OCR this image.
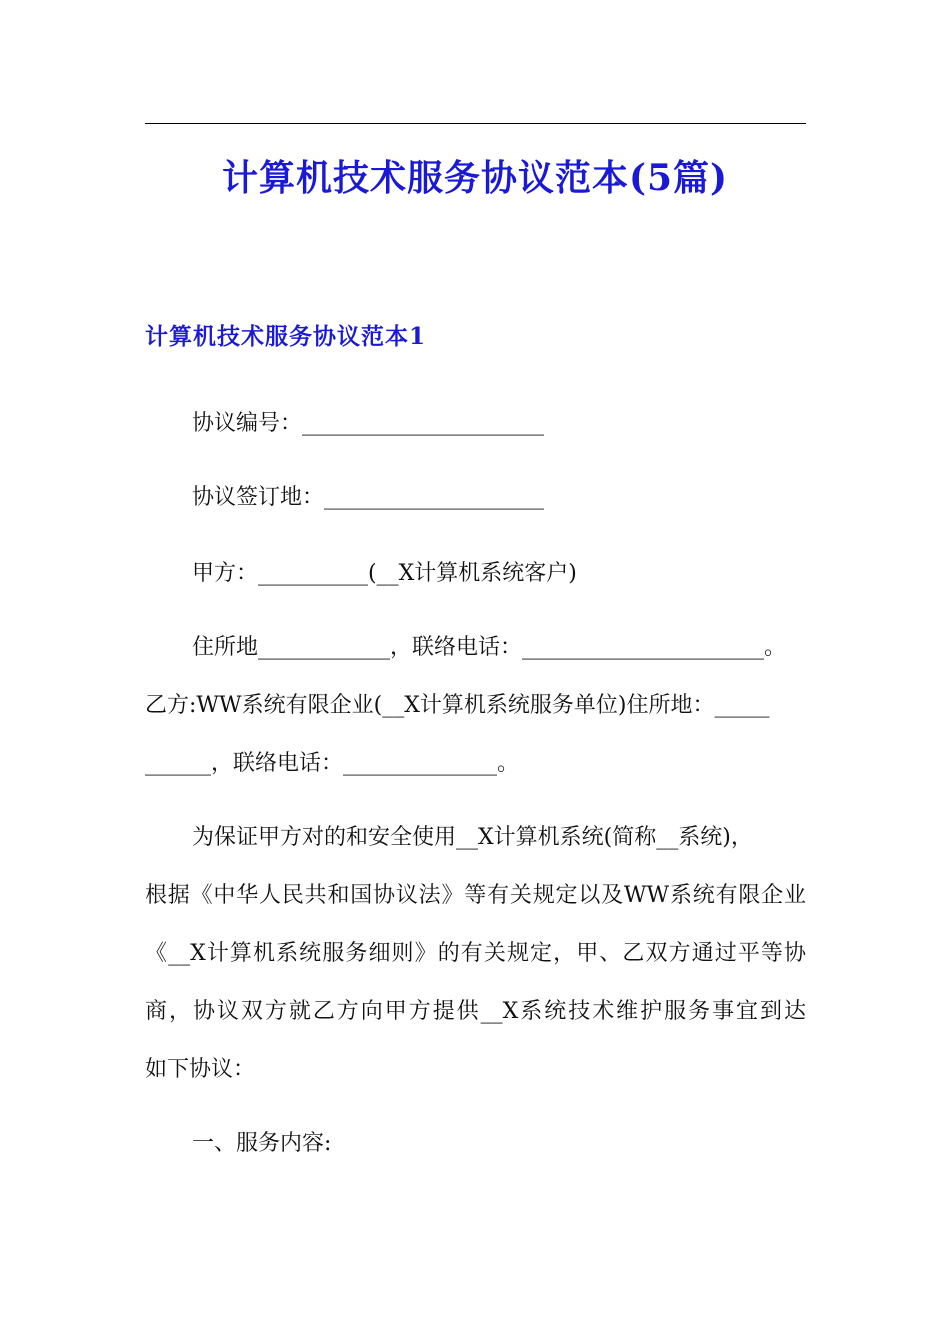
计算机技术服务协议范本(5篇)
计算机技术服务协议范本1

协议编号：______________________

协议签订地：____________________

甲方：__________(__X计算机系统客户)

住所地____________，联络电话：______________________。

乙方:WW系统有限企业(__X计算机系统服务单位)住所地：_____

______，联络电话：______________。

为保证甲方对的和安全使用__X计算机系统(简称__系统)，

根据《中华人民共和国协议法》等有关规定以及WW系统有限企业

《__X计算机系统服务细则》的有关规定，甲、乙双方通过平等协

商，协议双方就乙方向甲方提供__X系统技术维护服务事宜到达

如下协议：

一、服务内容:
